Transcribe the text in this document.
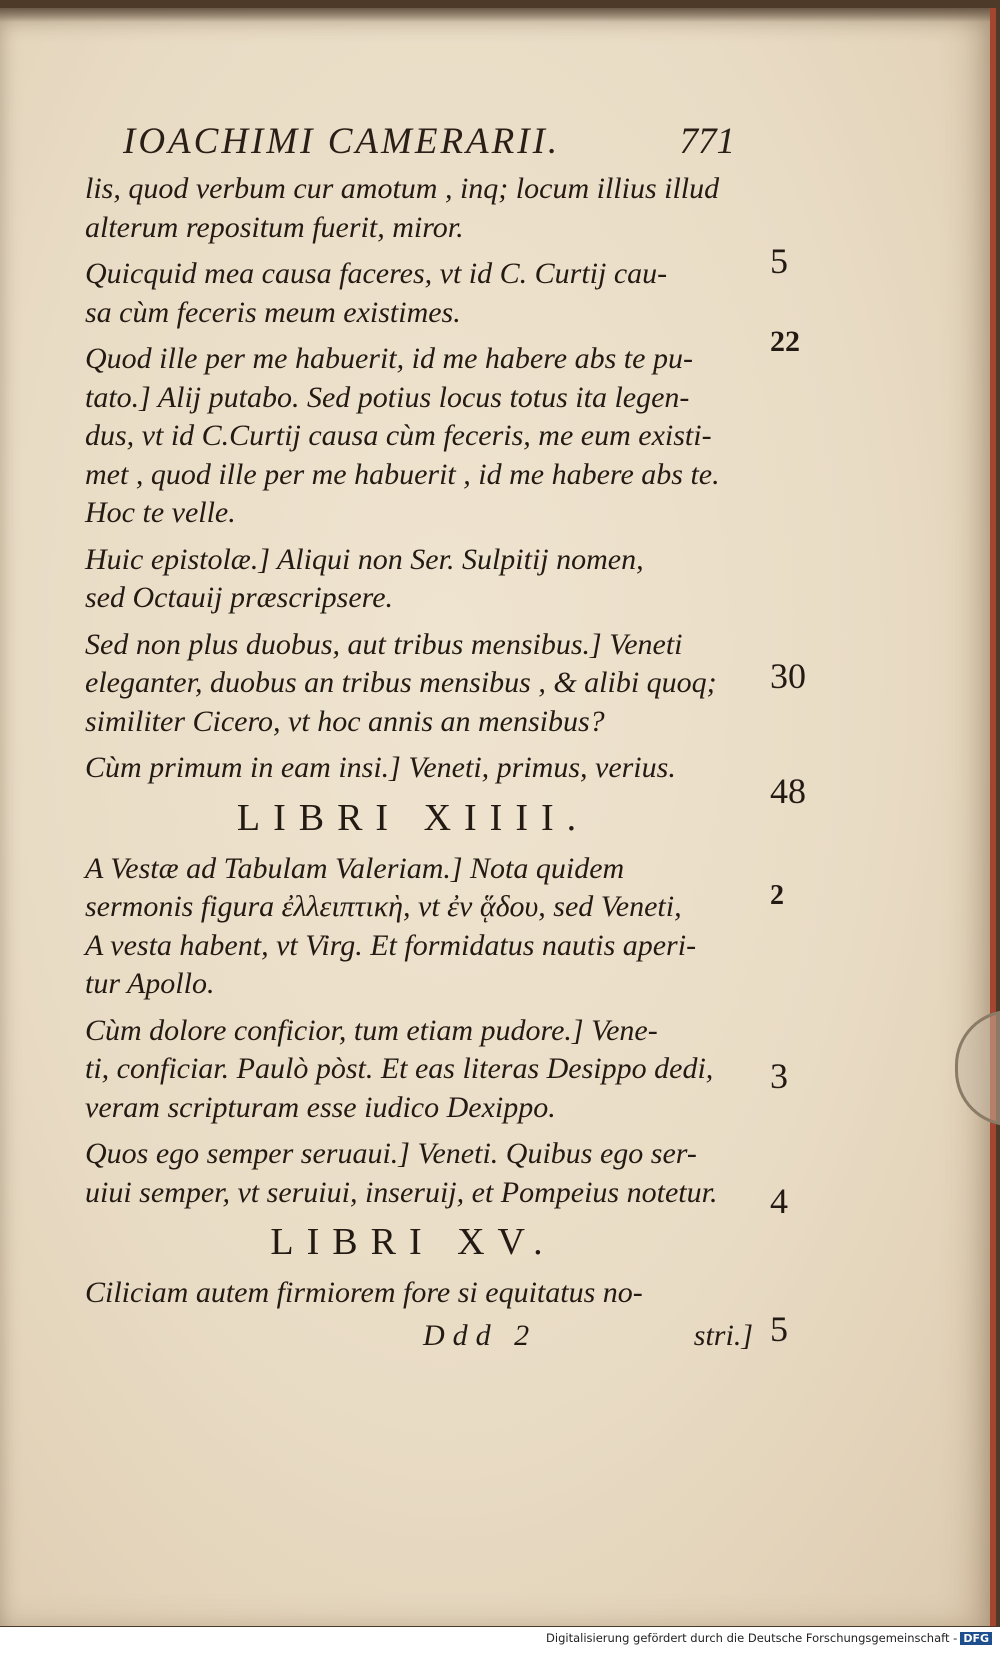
IOACHIMI CAMERARII.	771

lis, quod verbum cur amotum , inq; locum illius illud
alterum repositum fuerit, miror.

Quicquid mea causa faceres, vt id C. Curtij cau-
sa cùm feceris meum existimes.

Quod ille per me habuerit, id me habere abs te pu-
tato.] Alij putabo. Sed potius locus totus ita legen-
dus, vt id C.Curtij causa cùm feceris, me eum existi-
met , quod ille per me habuerit , id me habere abs te.
Hoc te velle.

Huic epistolæ.] Aliqui non Ser. Sulpitij nomen,
sed Octauij præscripsere.

Sed non plus duobus, aut tribus mensibus.] Veneti
eleganter, duobus an tribus mensibus , & alibi quoq;
similiter Cicero, vt hoc annis an mensibus?

Cùm primum in eam insi.] Veneti, primus, verius.

LIBRI XIIII.

A Vestæ ad Tabulam Valeriam.] Nota quidem
sermonis figura ἐλλειπτικὴ, vt ἐν ᾅδου, sed Veneti,
A vesta habent, vt Virg. Et formidatus nautis aperi-
tur Apollo.

Cùm dolore conficior, tum etiam pudore.] Vene-
ti, conficiar. Paulò pòst. Et eas literas Desippo dedi,
veram scripturam esse iudico Dexippo.

Quos ego semper seruaui.] Veneti. Quibus ego ser-
uiui semper, vt seruiui, inseruij, et Pompeius notetur.

LIBRI XV.

Ciliciam autem firmiorem fore si equitatus no-

Ddd 2	stri.]
5
22
30
48
2
3
4
5
Digitalisierung gefördert durch die Deutsche Forschungsgemeinschaft - DFG
